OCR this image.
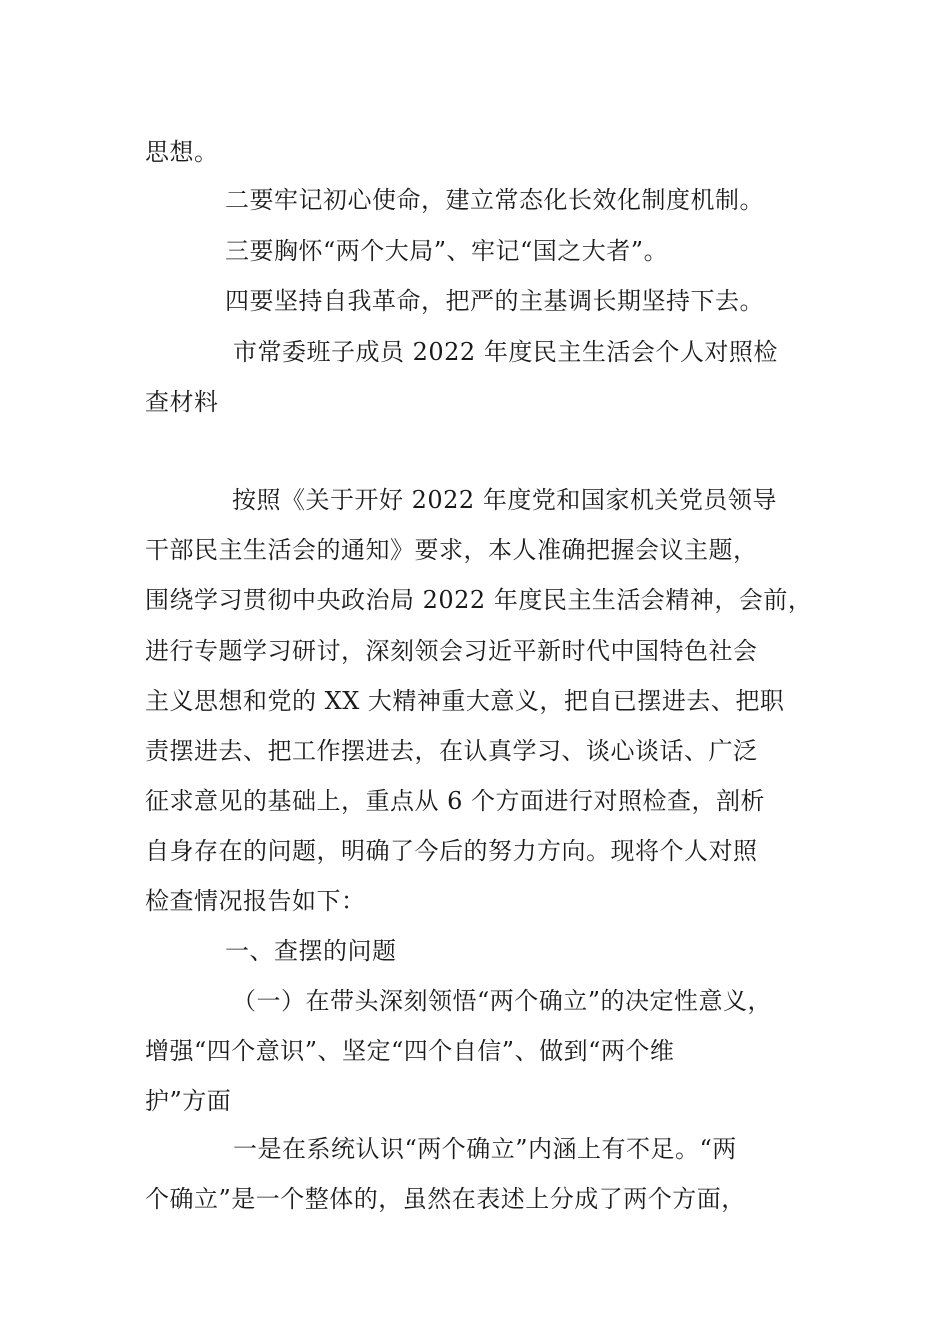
思想。
二要牢记初心使命，建立常态化长效化制度机制。
三要胸怀“两个大局”、牢记“国之大者”。
四要坚持自我革命，把严的主基调长期坚持下去。
市常委班子成员 2022 年度民主生活会个人对照检
查材料
按照《关于开好 2022 年度党和国家机关党员领导
干部民主生活会的通知》要求，本人准确把握会议主题，
围绕学习贯彻中央政治局 2022 年度民主生活会精神，会前，
进行专题学习研讨，深刻领会习近平新时代中国特色社会
主义思想和党的 XX 大精神重大意义，把自已摆进去、把职
责摆进去、把工作摆进去，在认真学习、谈心谈话、广泛
征求意见的基础上，重点从 6 个方面进行对照检查，剖析
自身存在的问题，明确了今后的努力方向。现将个人对照
检查情况报告如下：
一、查摆的问题
（一）在带头深刻领悟“两个确立”的决定性意义，
增强“四个意识”、坚定“四个自信”、做到“两个维
护”方面
一是在系统认识“两个确立”内涵上有不足。“两
个确立”是一个整体的，虽然在表述上分成了两个方面，
